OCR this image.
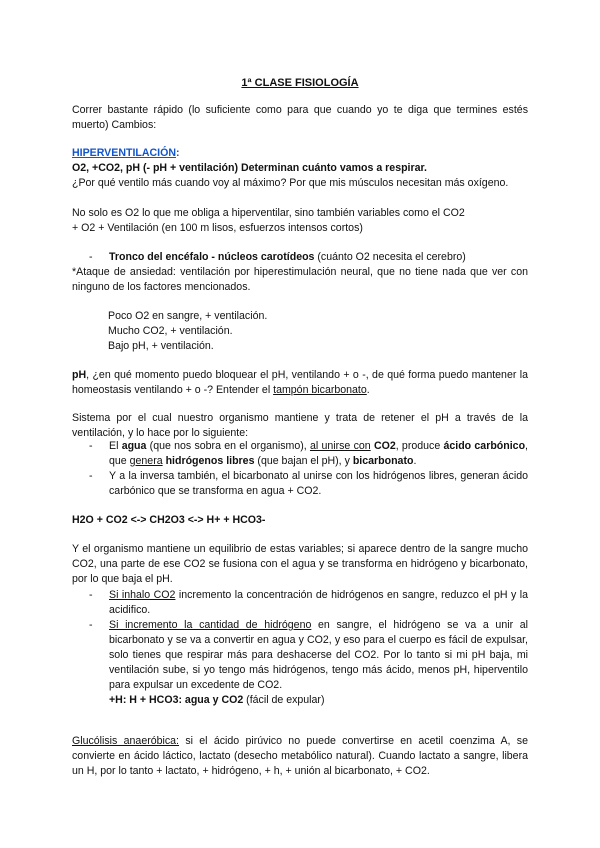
1ª CLASE FISIOLOGÍA

Correr bastante rápido (lo suficiente como para que cuando yo te diga que termines estés muerto) Cambios:

HIPERVENTILACIÓN:

O2, +CO2, pH (- pH + ventilación) Determinan cuánto vamos a respirar.

¿Por qué ventilo más cuando voy al máximo? Por que mis músculos necesitan más oxígeno.

No solo es O2 lo que me obliga a hiperventilar, sino también variables como el CO2

+ O2 + Ventilación (en 100 m lisos, esfuerzos intensos cortos)

- Tronco del encéfalo - núcleos carotídeos (cuánto O2 necesita el cerebro)

*Ataque de ansiedad: ventilación por hiperestimulación neural, que no tiene nada que ver con ninguno de los factores mencionados.

Poco O2 en sangre, + ventilación.
Mucho CO2, + ventilación.
Bajo pH, + ventilación.

pH, ¿en qué momento puedo bloquear el pH, ventilando + o -, de qué forma puedo mantener la homeostasis ventilando + o -? Entender el tampón bicarbonato.

Sistema por el cual nuestro organismo mantiene y trata de retener el pH a través de la ventilación, y lo hace por lo siguiente:

- El agua (que nos sobra en el organismo), al unirse con CO2, produce ácido carbónico, que genera hidrógenos libres (que bajan el pH), y bicarbonato.
- Y a la inversa también, el bicarbonato al unirse con los hidrógenos libres, generan ácido carbónico que se transforma en agua + CO2.

H2O + CO2 <-> CH2O3 <-> H+ + HCO3-

Y el organismo mantiene un equilibrio de estas variables; si aparece dentro de la sangre mucho CO2, una parte de ese CO2 se fusiona con el agua y se transforma en hidrógeno y bicarbonato, por lo que baja el pH.

- Si inhalo CO2 incremento la concentración de hidrógenos en sangre, reduzco el pH y la acidifico.
- Si incremento la cantidad de hidrógeno en sangre, el hidrógeno se va a unir al bicarbonato y se va a convertir en agua y CO2, y eso para el cuerpo es fácil de expulsar, solo tienes que respirar más para deshacerse del CO2. Por lo tanto si mi pH baja, mi ventilación sube, si yo tengo más hidrógenos, tengo más ácido, menos pH, hiperventilo para expulsar un excedente de CO2.
+H: H + HCO3: agua y CO2 (fácil de expular)

Glucólisis anaeróbica: si el ácido pirúvico no puede convertirse en acetil coenzima A, se convierte en ácido láctico, lactato (desecho metabólico natural). Cuando lactato a sangre, libera un H, por lo tanto + lactato, + hidrógeno, + h, + unión al bicarbonato, + CO2.
